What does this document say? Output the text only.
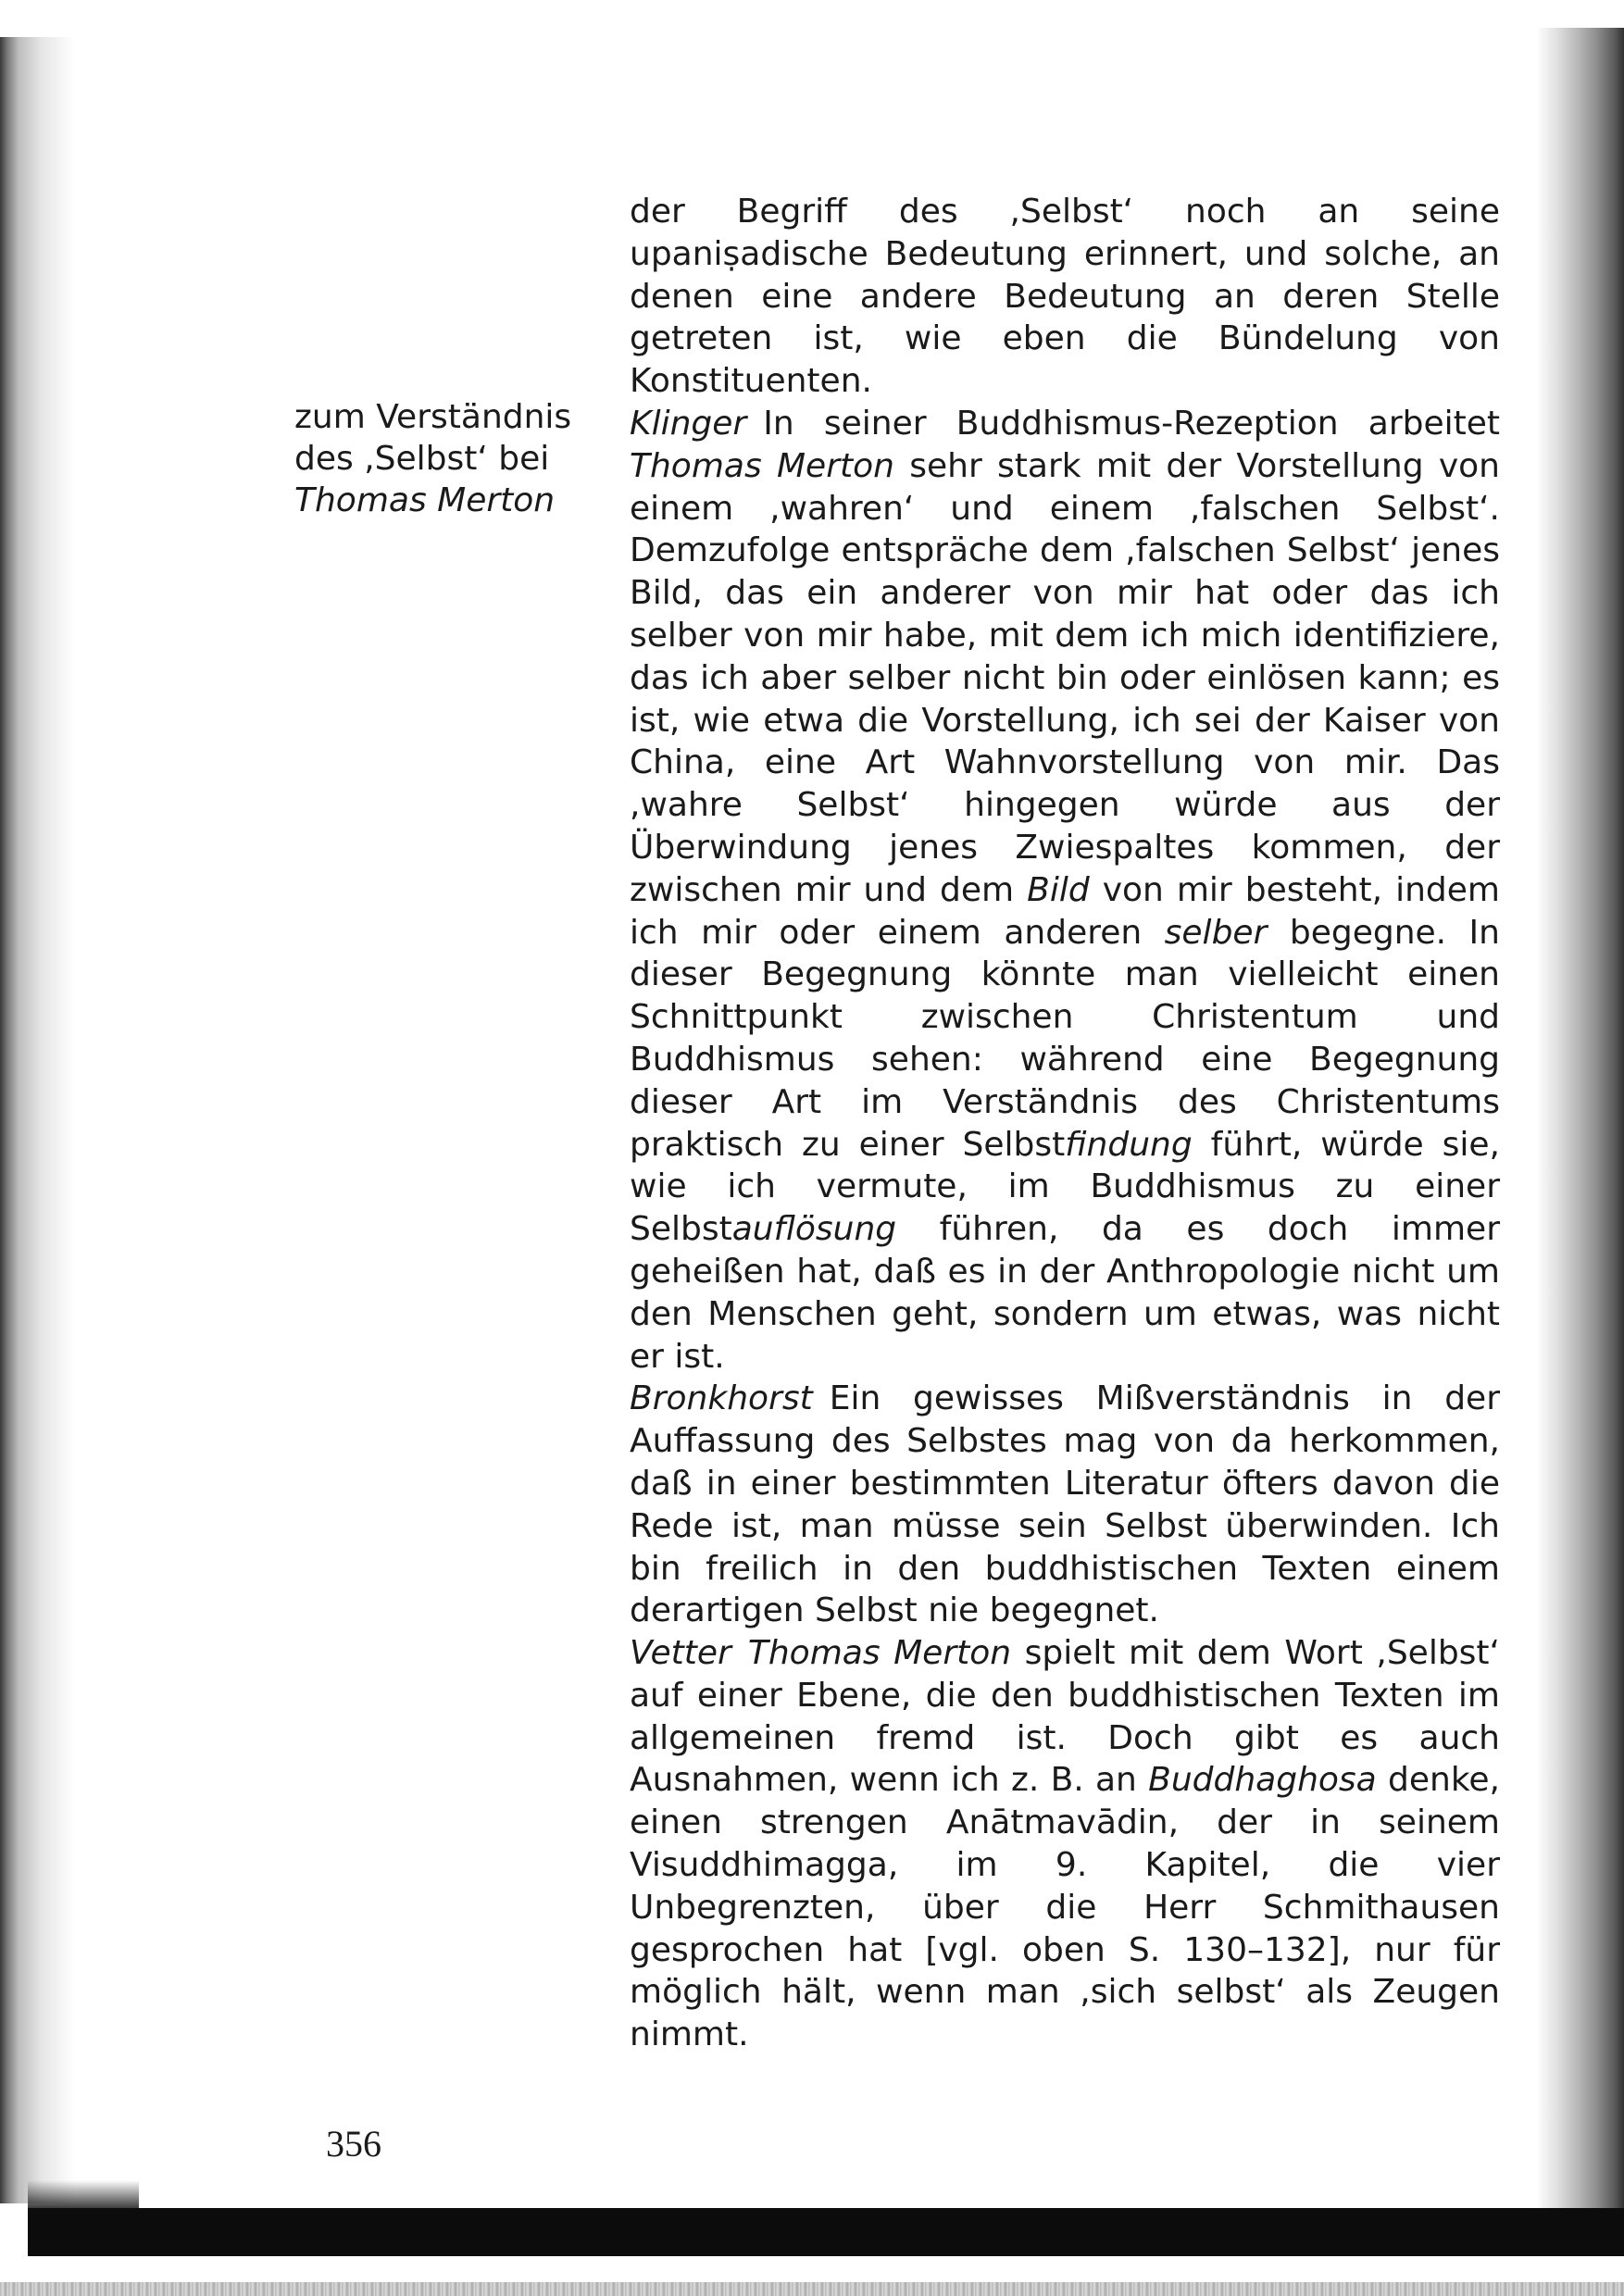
zum Verständnis
des ,Selbst‘ bei
Thomas Merton

der Begriff des ,Selbst‘ noch an seine upaniṣadische Bedeutung erinnert, und solche, an denen eine andere Bedeutung an deren Stelle getreten ist, wie eben die Bündelung von Konstituenten.

Klinger In seiner Buddhismus-Rezeption arbeitet Thomas Merton sehr stark mit der Vorstellung von einem ,wahren‘ und einem ,falschen Selbst‘. Demzufolge entspräche dem ,falschen Selbst‘ jenes Bild, das ein anderer von mir hat oder das ich selber von mir habe, mit dem ich mich identifiziere, das ich aber selber nicht bin oder einlösen kann; es ist, wie etwa die Vorstellung, ich sei der Kaiser von China, eine Art Wahnvorstellung von mir. Das ,wahre Selbst‘ hingegen würde aus der Überwindung jenes Zwiespaltes kommen, der zwischen mir und dem Bild von mir besteht, indem ich mir oder einem anderen selber begegne. In dieser Begegnung könnte man vielleicht einen Schnittpunkt zwischen Christentum und Buddhismus sehen: während eine Begegnung dieser Art im Verständnis des Christentums praktisch zu einer Selbstfindung führt, würde sie, wie ich vermute, im Buddhismus zu einer Selbstauflösung führen, da es doch immer geheißen hat, daß es in der Anthropologie nicht um den Menschen geht, sondern um etwas, was nicht er ist.

Bronkhorst Ein gewisses Mißverständnis in der Auffassung des Selbstes mag von da herkommen, daß in einer bestimmten Literatur öfters davon die Rede ist, man müsse sein Selbst überwinden. Ich bin freilich in den buddhistischen Texten einem derartigen Selbst nie begegnet.

Vetter Thomas Merton spielt mit dem Wort ,Selbst‘ auf einer Ebene, die den buddhistischen Texten im allgemeinen fremd ist. Doch gibt es auch Ausnahmen, wenn ich z. B. an Buddhaghosa denke, einen strengen Anātmavādin, der in seinem Visuddhimagga, im 9. Kapitel, die vier Unbegrenzten, über die Herr Schmithausen gesprochen hat [vgl. oben S. 130–132], nur für möglich hält, wenn man ,sich selbst‘ als Zeugen nimmt.

356
